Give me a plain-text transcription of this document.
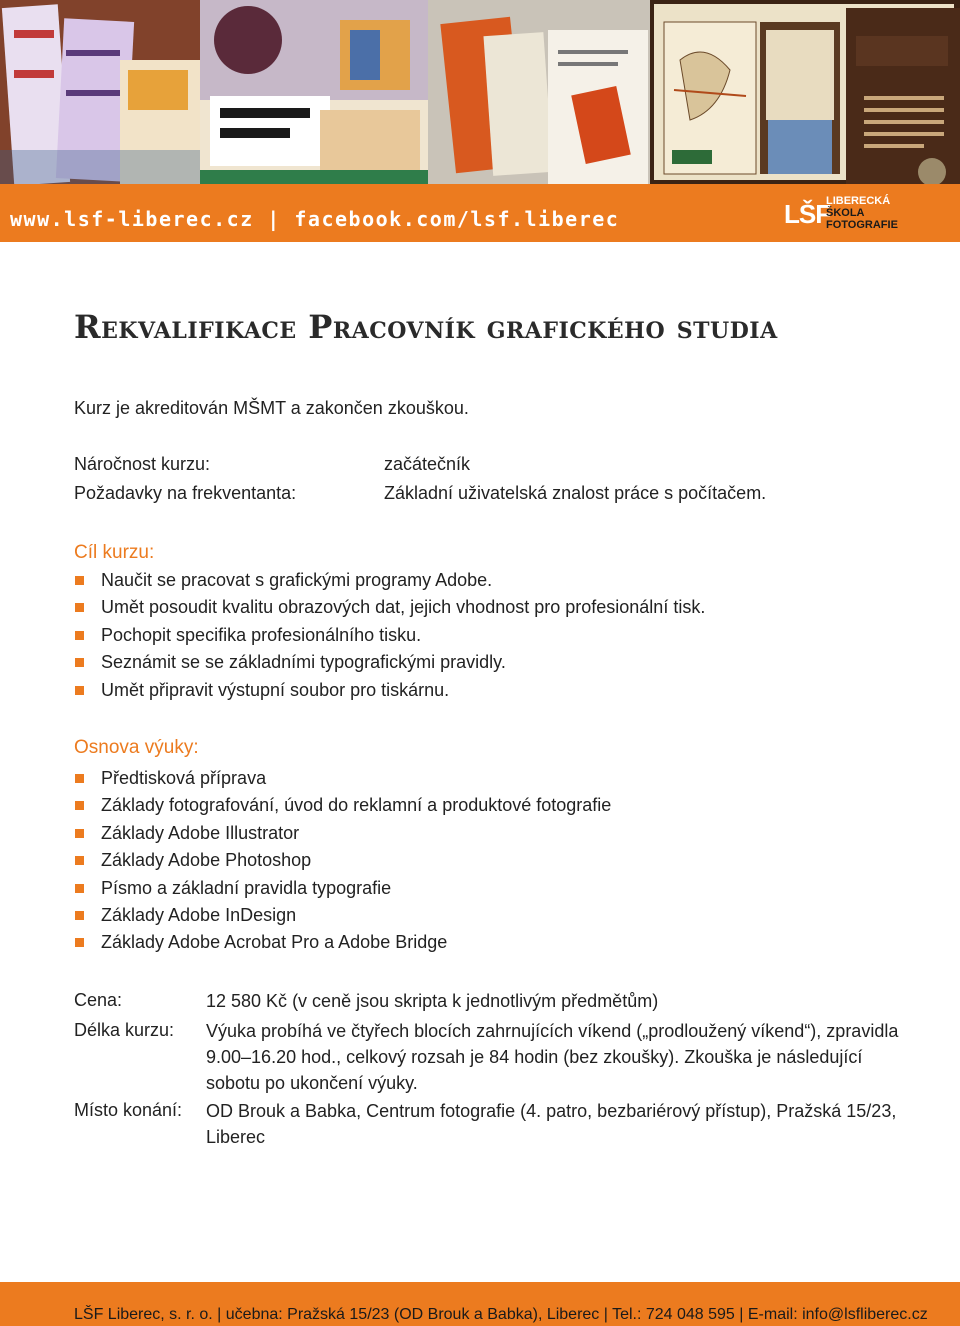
www.lsf-liberec.cz | facebook.com/lsf.liberec	LŠF
LIBERECKÁ
ŠKOLA
FOTOGRAFIE
Rekvalifikace Pracovník grafického studia
Kurz je akreditován MŠMT a zakončen zkouškou.
Náročnost kurzu:	začátečník
Požadavky na frekventanta:	Základní uživatelská znalost práce s počítačem.
Cíl kurzu:
Naučit se pracovat s grafickými programy Adobe.
Umět posoudit kvalitu obrazových dat, jejich vhodnost pro profesionální tisk.
Pochopit specifika profesionálního tisku.
Seznámit se se základními typografickými pravidly.
Umět připravit výstupní soubor pro tiskárnu.
Osnova výuky:
Předtisková příprava
Základy fotografování, úvod do reklamní a produktové fotografie
Základy Adobe Illustrator
Základy Adobe Photoshop
Písmo a základní pravidla typografie
Základy Adobe InDesign
Základy Adobe Acrobat Pro a Adobe Bridge
Cena:	12 580 Kč (v ceně jsou skripta k jednotlivým předmětům)
Délka kurzu: Výuka probíhá ve čtyřech blocích zahrnujících víkend („prodloužený víkend“), zpravidla 9.00–16.20 hod., celkový rozsah je 84 hodin (bez zkoušky). Zkouška je následující sobotu po ukončení výuky.
Místo konání: OD Brouk a Babka, Centrum fotografie (4. patro, bezbariérový přístup), Pražská 15/23, Liberec
LŠF Liberec, s. r. o. | učebna: Pražská 15/23 (OD Brouk a Babka), Liberec | Tel.: 724 048 595 | E-mail: info@lsfliberec.cz
